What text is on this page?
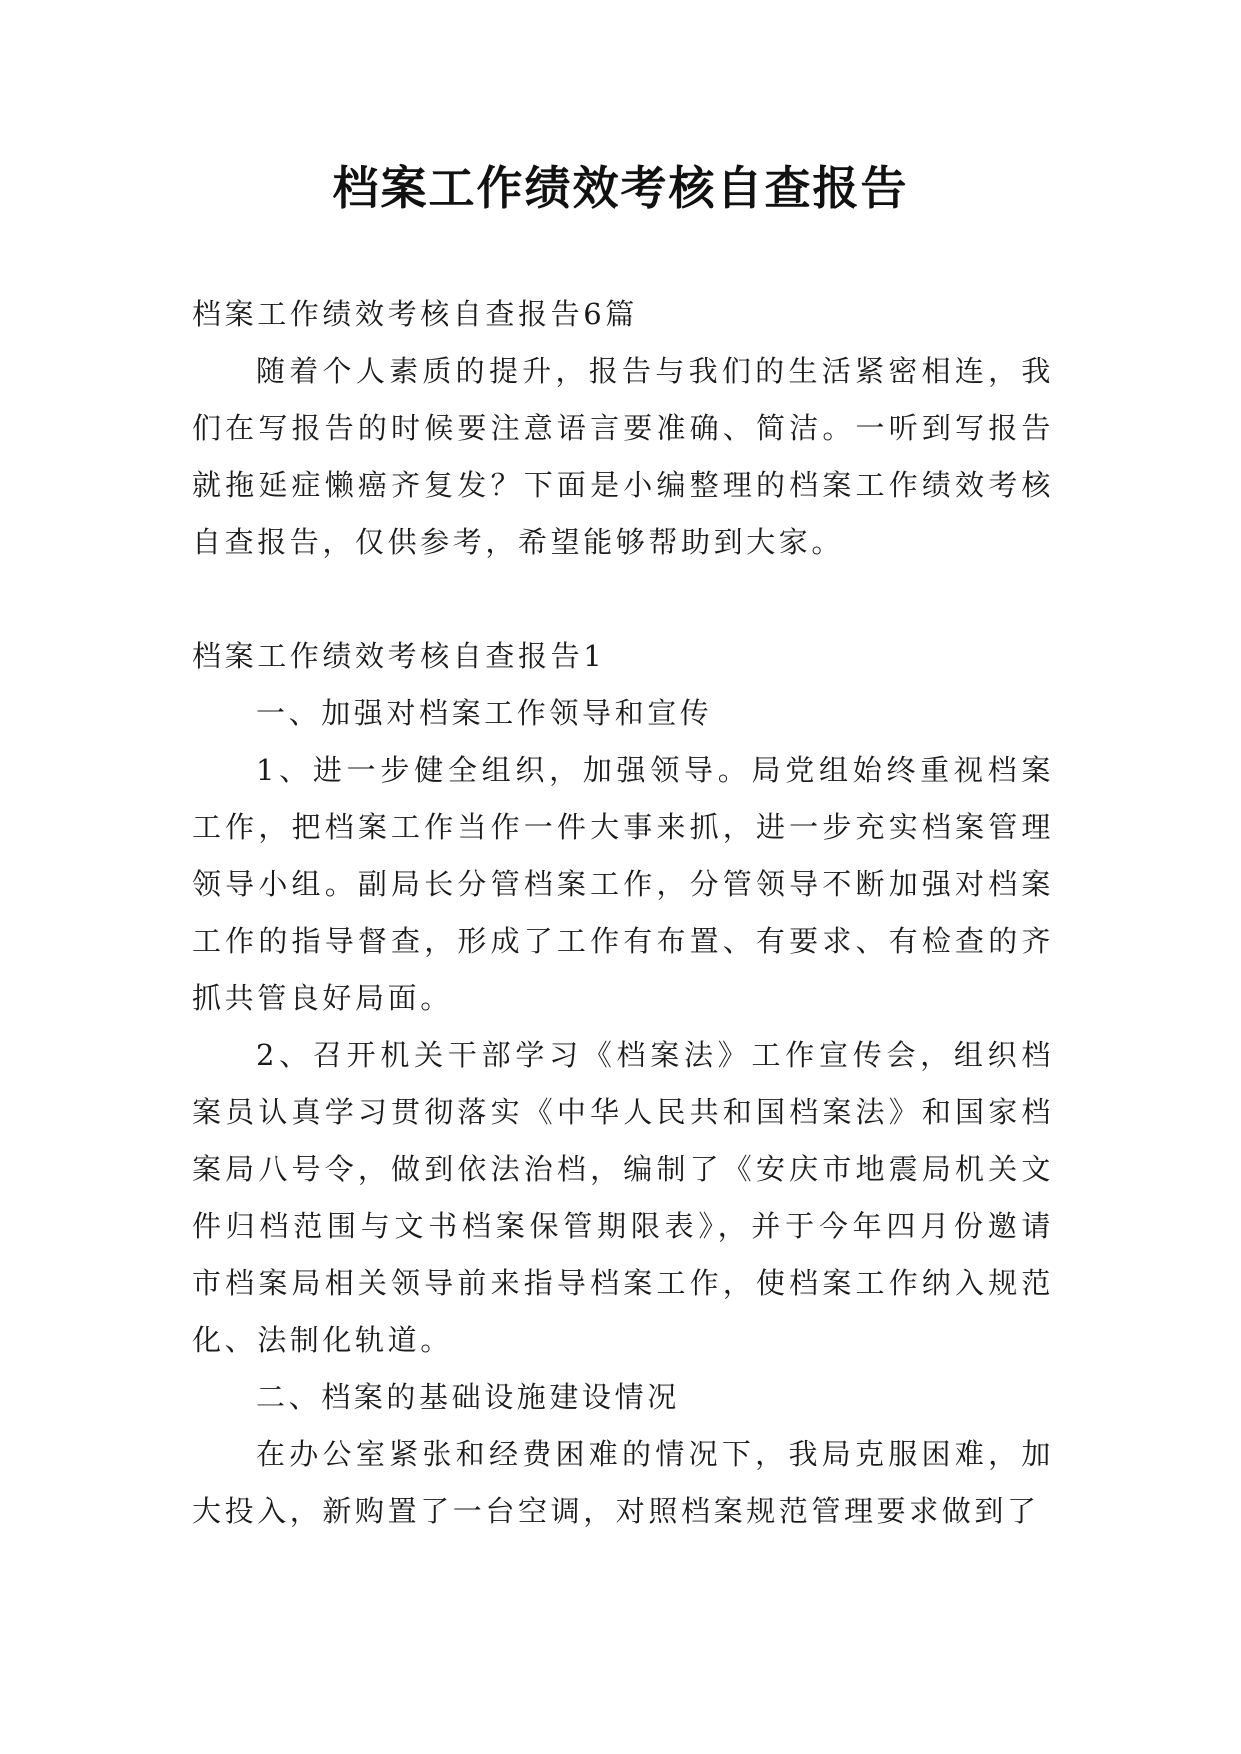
档案工作绩效考核自查报告

档案工作绩效考核自查报告6篇

随着个人素质的提升，报告与我们的生活紧密相连，我们在写报告的时候要注意语言要准确、简洁。一听到写报告就拖延症懒癌齐复发？下面是小编整理的档案工作绩效考核自查报告，仅供参考，希望能够帮助到大家。

档案工作绩效考核自查报告1

一、加强对档案工作领导和宣传

1、进一步健全组织，加强领导。局党组始终重视档案工作，把档案工作当作一件大事来抓，进一步充实档案管理领导小组。副局长分管档案工作，分管领导不断加强对档案工作的指导督查，形成了工作有布置、有要求、有检查的齐抓共管良好局面。

2、召开机关干部学习《档案法》工作宣传会，组织档案员认真学习贯彻落实《中华人民共和国档案法》和国家档案局八号令，做到依法治档，编制了《安庆市地震局机关文件归档范围与文书档案保管期限表》，并于今年四月份邀请市档案局相关领导前来指导档案工作，使档案工作纳入规范化、法制化轨道。

二、档案的基础设施建设情况

在办公室紧张和经费困难的情况下，我局克服困难，加大投入，新购置了一台空调，对照档案规范管理要求做到了
